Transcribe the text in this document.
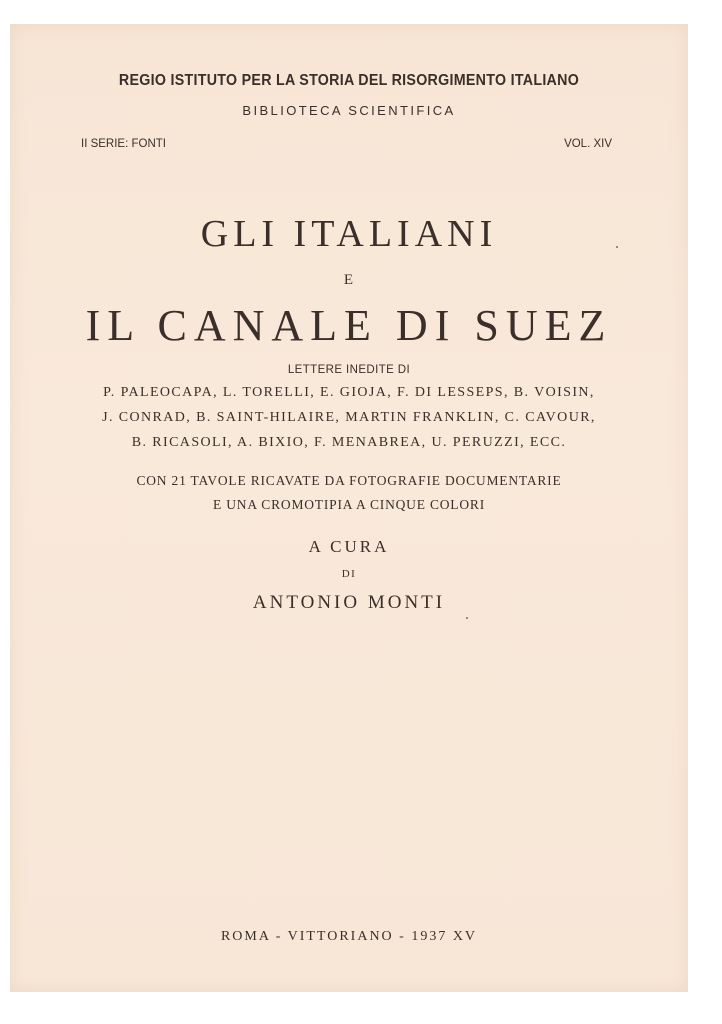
REGIO ISTITUTO PER LA STORIA DEL RISORGIMENTO ITALIANO
BIBLIOTECA SCIENTIFICA
II SERIE: FONTI	VOL. XIV
GLI ITALIANI
E
IL CANALE DI SUEZ
LETTERE INEDITE DI
P. PALEOCAPA, L. TORELLI, E. GIOJA, F. DI LESSEPS, B. VOISIN,
J. CONRAD, B. SAINT-HILAIRE, MARTIN FRANKLIN, C. CAVOUR,
B. RICASOLI, A. BIXIO, F. MENABREA, U. PERUZZI, ECC.
CON 21 TAVOLE RICAVATE DA FOTOGRAFIE DOCUMENTARIE
E UNA CROMOTIPIA A CINQUE COLORI
A CURA
DI
ANTONIO MONTI
ROMA - VITTORIANO - 1937 XV
